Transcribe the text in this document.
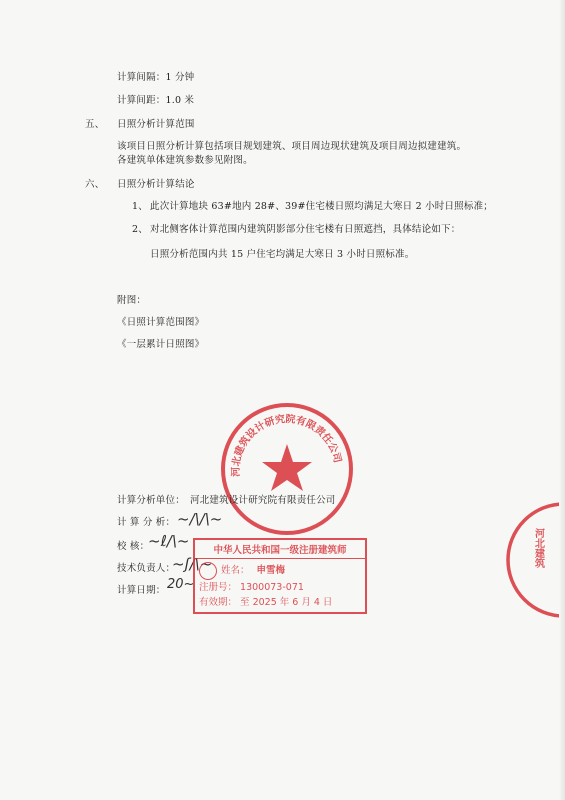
计算间隔：1 分钟
计算间距：1.0 米
五、 日照分析计算范围
该项目日照分析计算包括项目规划建筑、项目周边现状建筑及项目周边拟建建筑。
各建筑单体建筑参数参见附图。
六、 日照分析计算结论
1、 此次计算地块 63#地内 28#、39#住宅楼日照均满足大寒日 2 小时日照标准；
2、 对北侧客体计算范围内建筑阴影部分住宅楼有日照遮挡，具体结论如下：
日照分析范围内共 15 户住宅均满足大寒日 3 小时日照标准。
附图：
《日照计算范围图》
《一层累计日照图》
河北建筑设计研究院有限责任公司
计算分析单位： 河北建筑设计研究院有限责任公司
计 算 分 析： ~/\/\~
校 核：
~ℓ/\~
技术负责人：
~ʃ/\~
计算日期： 20~
中华人民共和国一级注册建筑师
姓名： 申雪梅
注册号： 1300073-071
有效期： 至 2025 年 6 月 4 日
河北建筑
